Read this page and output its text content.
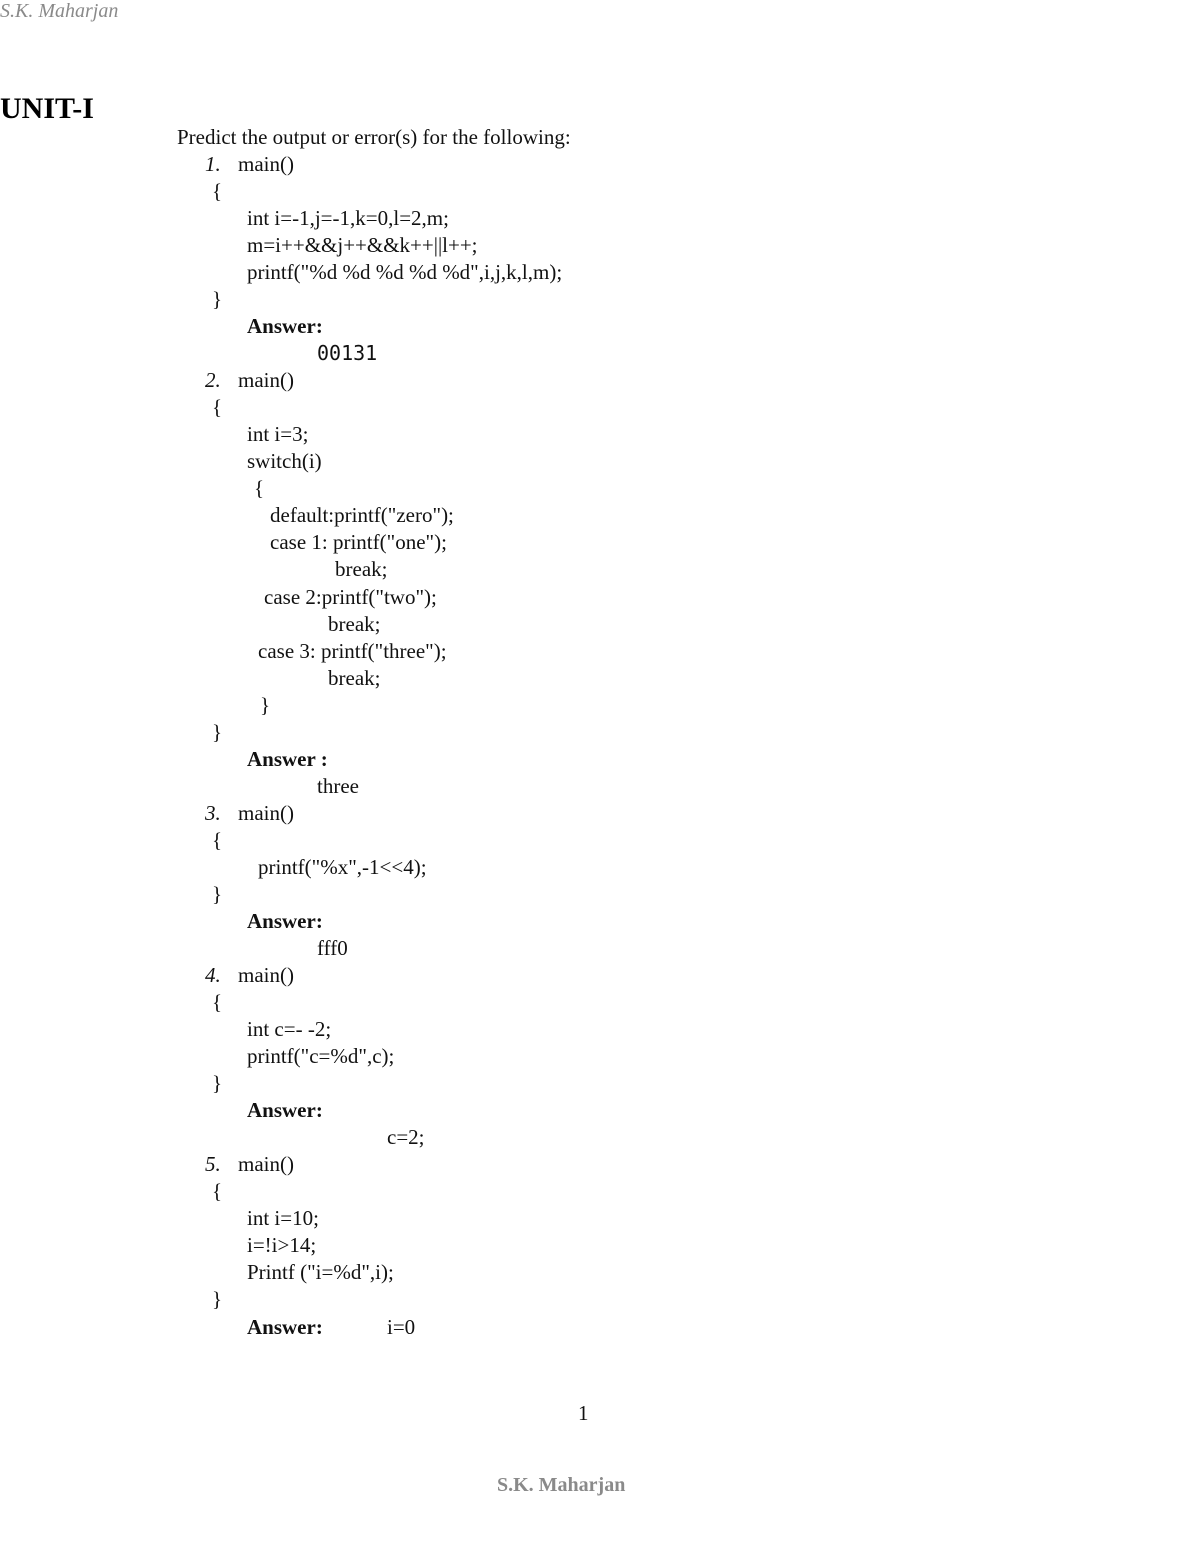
S.K. Maharjan
UNIT-I
Predict the output or error(s) for the following:
1. main()
{
int i=-1,j=-1,k=0,l=2,m;
m=i++&&j++&&k++||l++;
printf("%d %d %d %d %d",i,j,k,l,m);
}
Answer:
00131
2. main()
{
int i=3;
switch(i)
{
default:printf("zero");
case 1: printf("one");
break;
case 2:printf("two");
break;
case 3: printf("three");
break;
}
}
Answer :
three
3. main()
{
printf("%x",-1<<4);
}
Answer:
fff0
4. main()
{
int c=- -2;
printf("c=%d",c);
}
Answer:
c=2;
5. main()
{
int i=10;
i=!i>14;
Printf ("i=%d",i);
}
Answer:	i=0
1
S.K. Maharjan
